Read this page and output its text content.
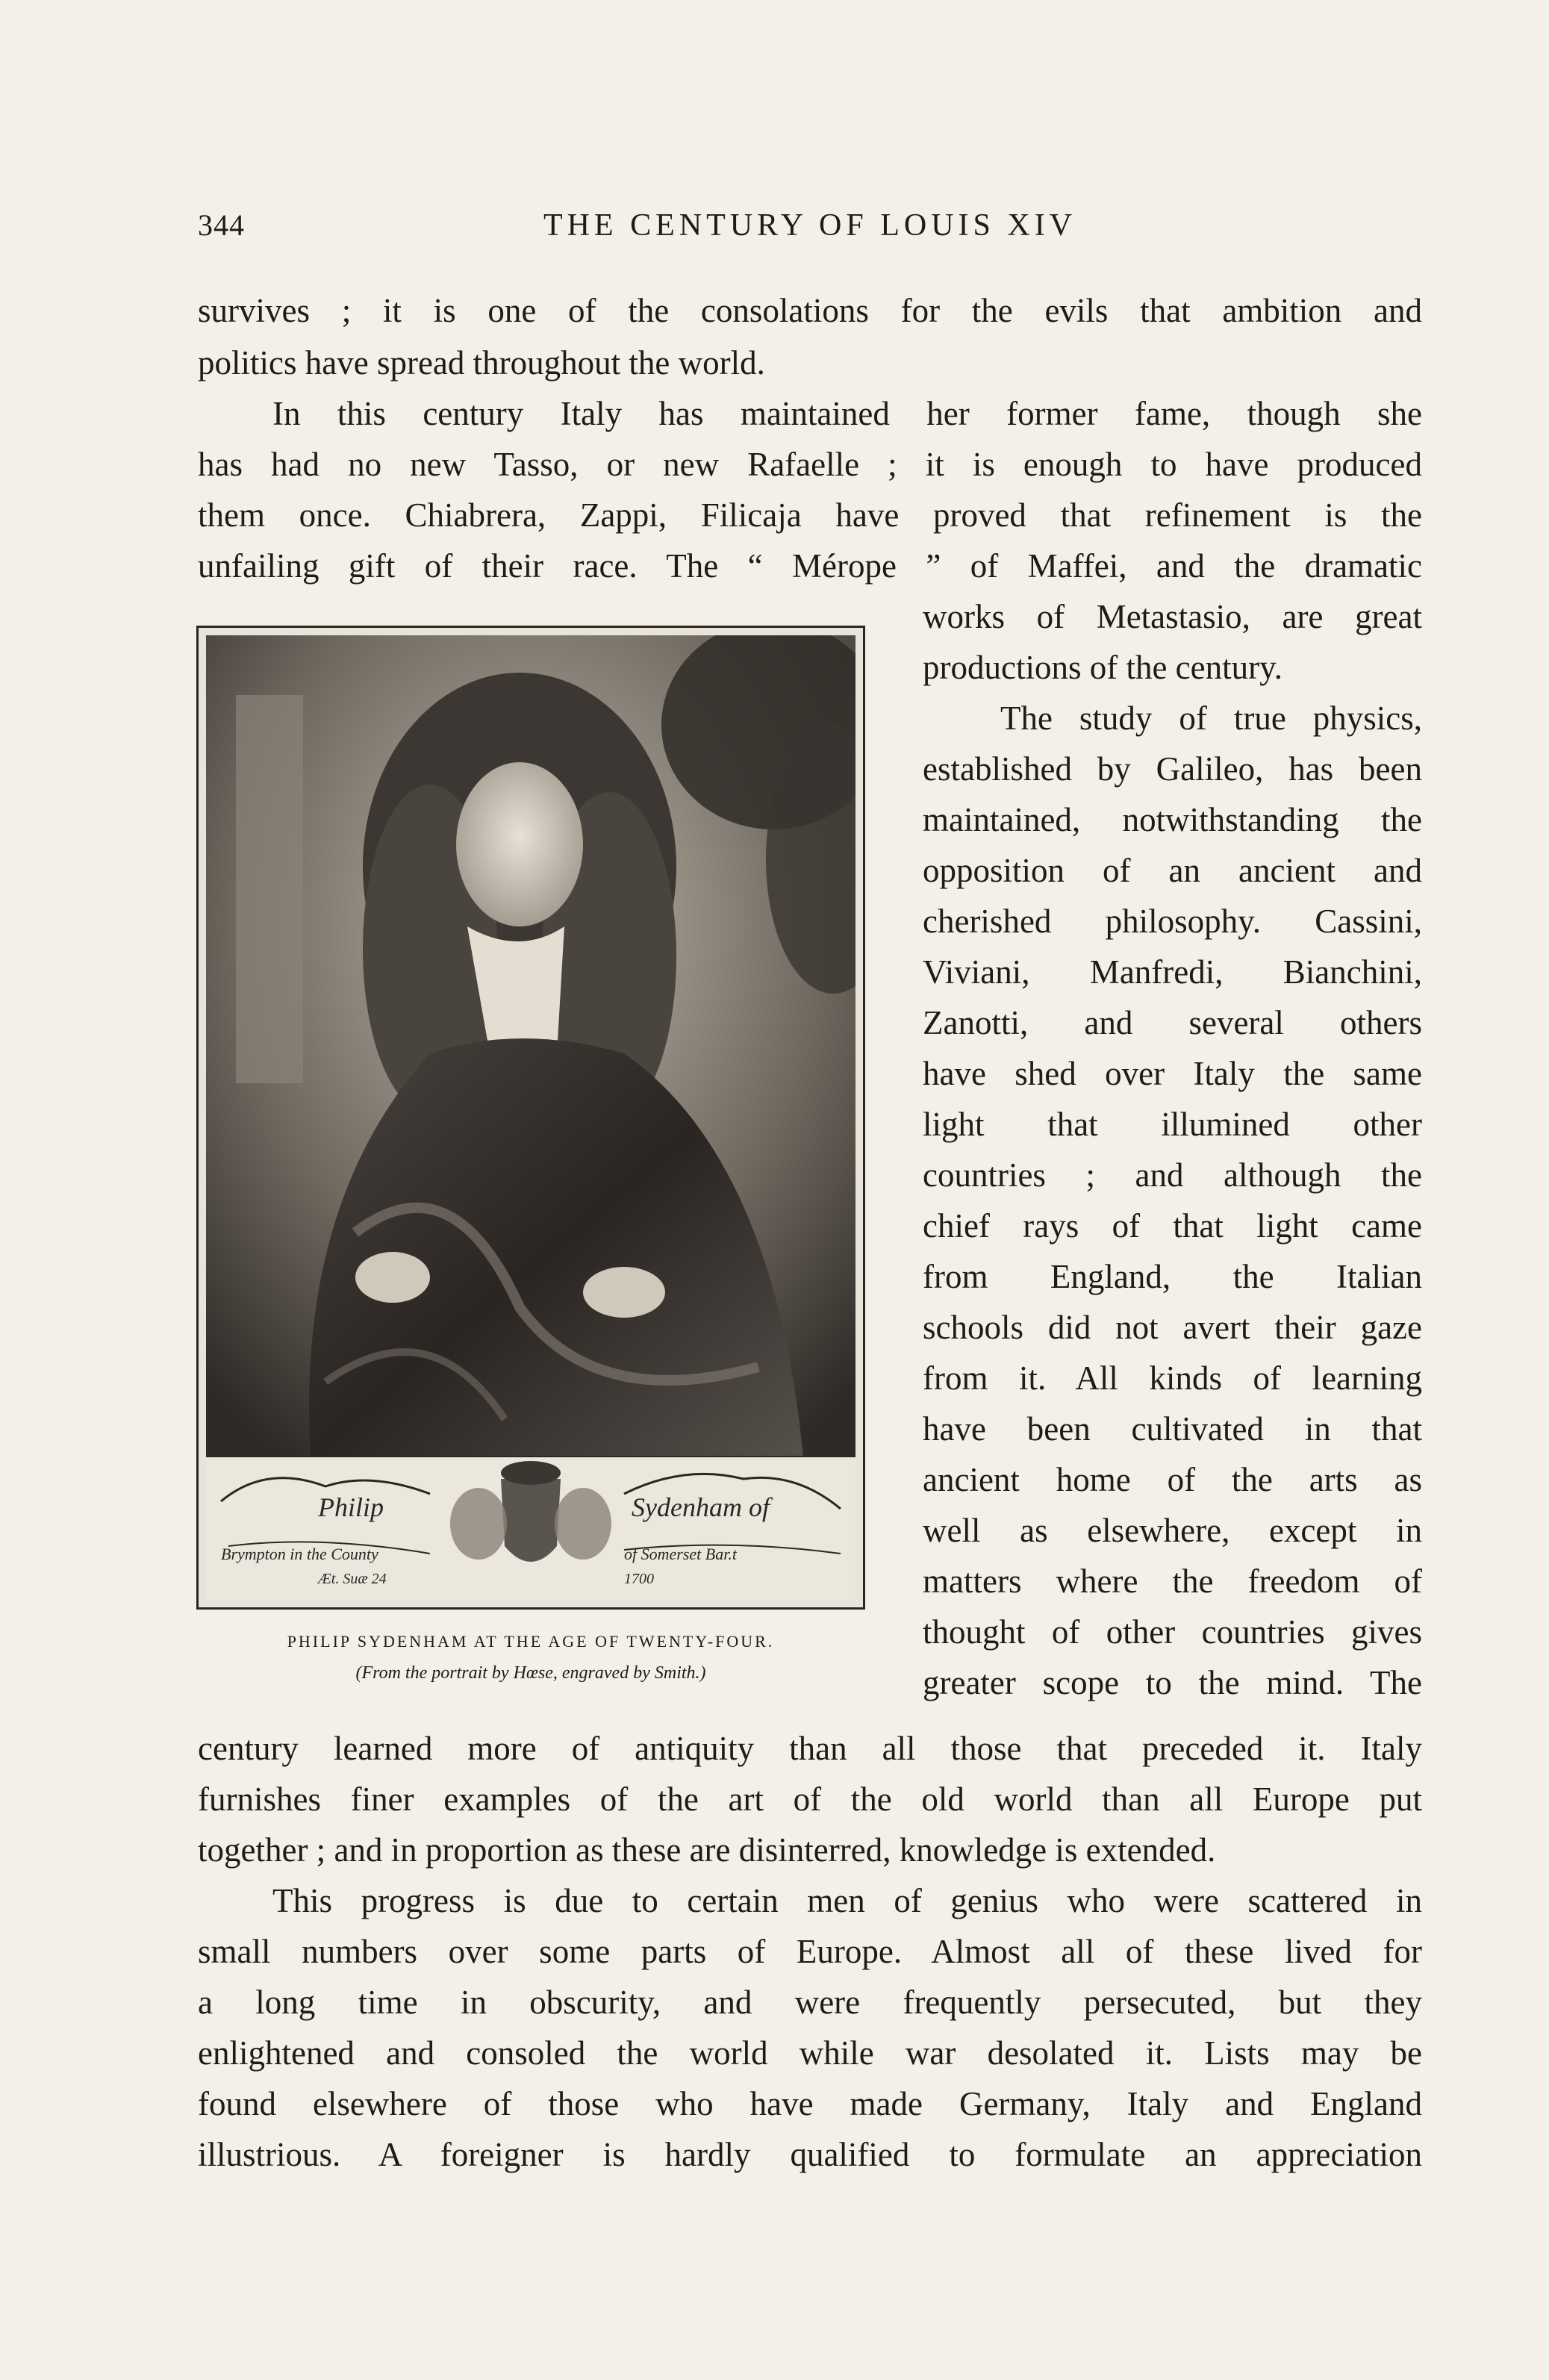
344	THE CENTURY OF LOUIS XIV
survives ; it is one of the consolations for the evils that ambition and
politics have spread throughout the world.
In this century Italy has maintained her former fame, though she
has had no new Tasso, or new Rafaelle ; it is enough to have produced
them once. Chiabrera, Zappi, Filicaja have proved that refinement is the
unfailing gift of their race. The “ Mérope ” of Maffei, and the dramatic
Philip	Sydenham of
Brympton in the County	of Somerset Bar.t
Æt. Suæ 24	1700
PHILIP SYDENHAM AT THE AGE OF TWENTY-FOUR.
(From the portrait by Hœse, engraved by Smith.)
works of Metastasio, are great
productions of the century.
The study of true physics,
established by Galileo, has been
maintained, notwithstanding the
opposition of an ancient and
cherished philosophy. Cassini,
Viviani, Manfredi, Bianchini,
Zanotti, and several others
have shed over Italy the same
light that illumined other
countries ; and although the
chief rays of that light came
from England, the Italian
schools did not avert their gaze
from it. All kinds of learning
have been cultivated in that
ancient home of the arts as
well as elsewhere, except in
matters where the freedom of
thought of other countries gives
greater scope to the mind. The
century learned more of antiquity than all those that preceded it. Italy
furnishes finer examples of the art of the old world than all Europe put
together ; and in proportion as these are disinterred, knowledge is extended.
This progress is due to certain men of genius who were scattered in
small numbers over some parts of Europe. Almost all of these lived for
a long time in obscurity, and were frequently persecuted, but they
enlightened and consoled the world while war desolated it. Lists may be
found elsewhere of those who have made Germany, Italy and England
illustrious. A foreigner is hardly qualified to formulate an appreciation
